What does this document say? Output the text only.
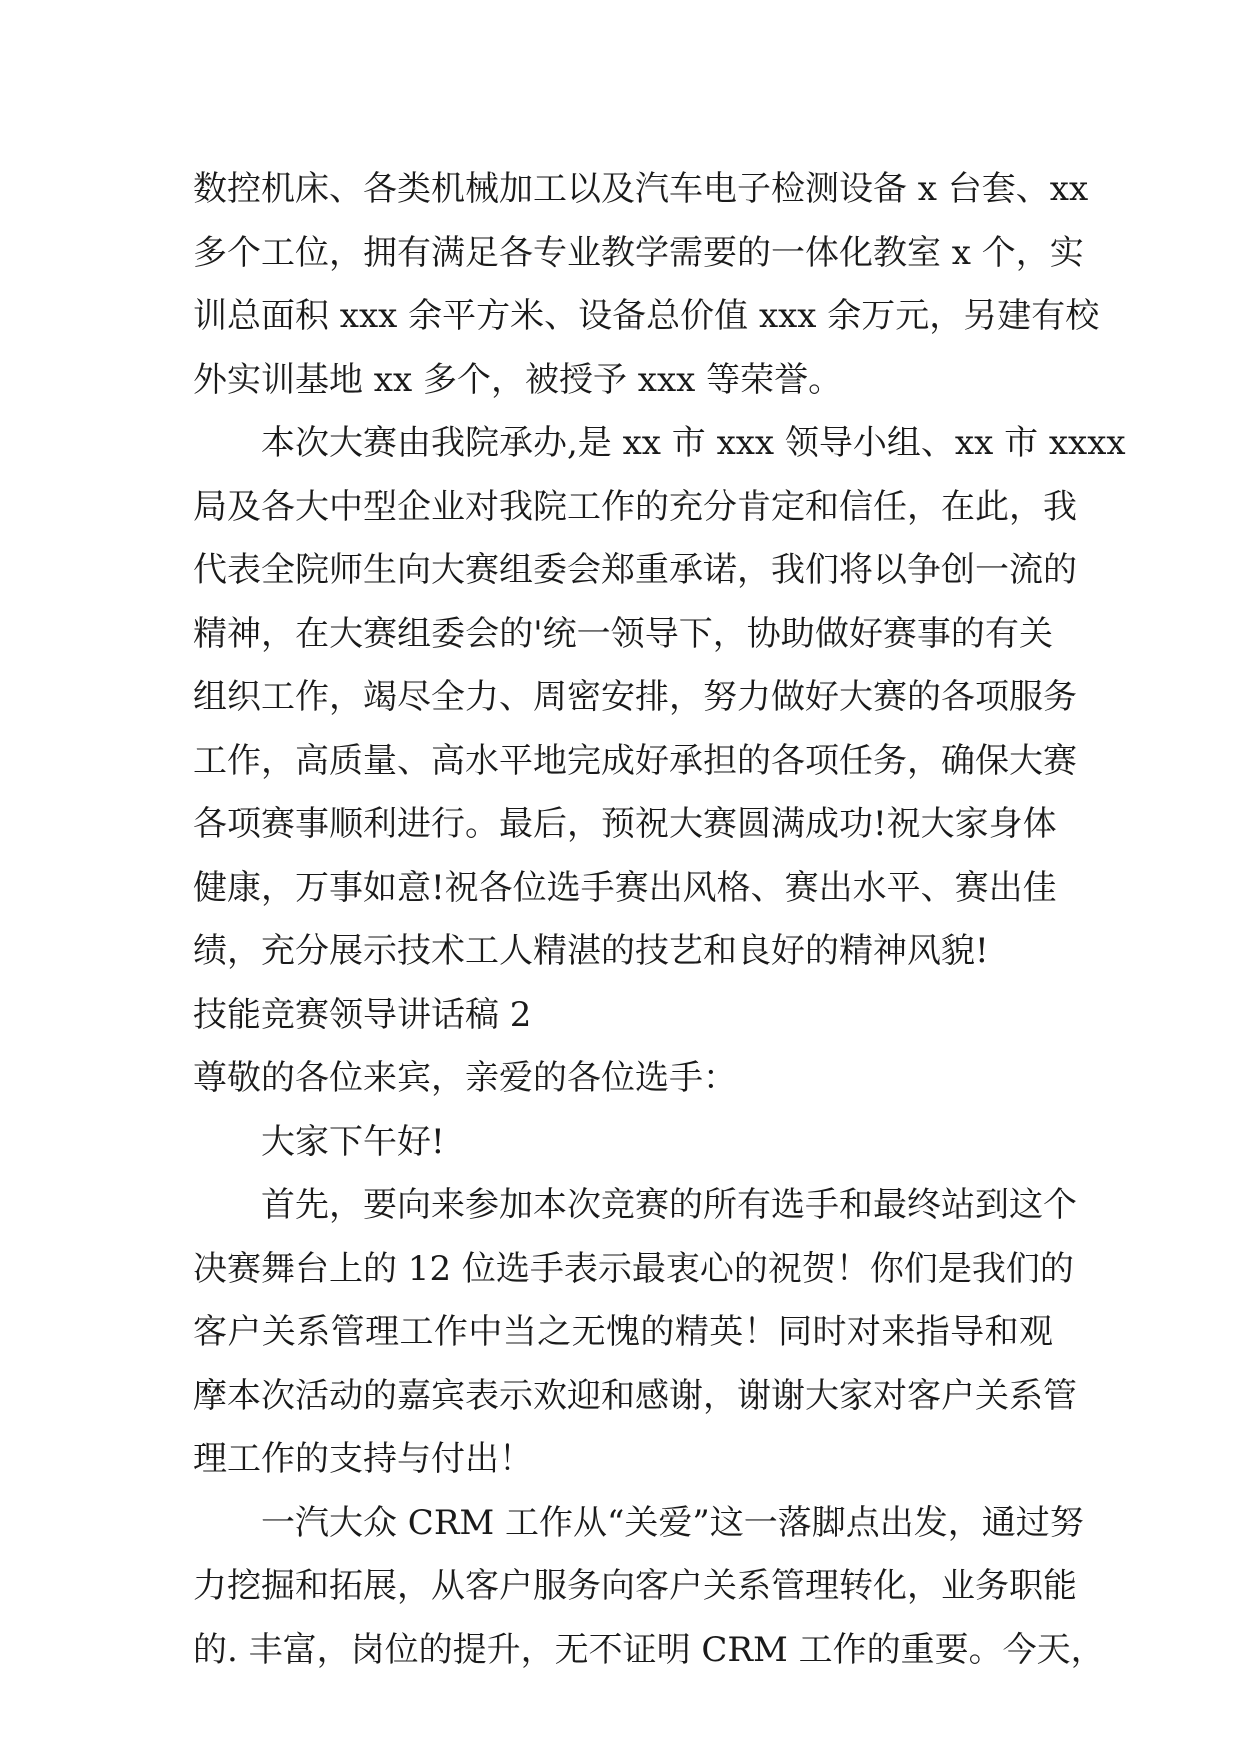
数控机床、各类机械加工以及汽车电子检测设备 x 台套、xx
多个工位，拥有满足各专业教学需要的一体化教室 x 个，实
训总面积 xxx 余平方米、设备总价值 xxx 余万元，另建有校
外实训基地 xx 多个，被授予 xxx 等荣誉。
本次大赛由我院承办,是 xx 市 xxx 领导小组、xx 市 xxxx
局及各大中型企业对我院工作的充分肯定和信任，在此，我
代表全院师生向大赛组委会郑重承诺，我们将以争创一流的
精神，在大赛组委会的'统一领导下，协助做好赛事的有关
组织工作，竭尽全力、周密安排，努力做好大赛的各项服务
工作，高质量、高水平地完成好承担的各项任务，确保大赛
各项赛事顺利进行。最后，预祝大赛圆满成功!祝大家身体
健康，万事如意!祝各位选手赛出风格、赛出水平、赛出佳
绩，充分展示技术工人精湛的技艺和良好的精神风貌!
技能竞赛领导讲话稿 2
尊敬的各位来宾，亲爱的各位选手：
大家下午好!
首先，要向来参加本次竞赛的所有选手和最终站到这个
决赛舞台上的 12 位选手表示最衷心的祝贺！你们是我们的
客户关系管理工作中当之无愧的精英！同时对来指导和观
摩本次活动的嘉宾表示欢迎和感谢，谢谢大家对客户关系管
理工作的支持与付出！
一汽大众 CRM 工作从“关爱”这一落脚点出发，通过努
力挖掘和拓展，从客户服务向客户关系管理转化，业务职能
的. 丰富，岗位的提升，无不证明 CRM 工作的重要。今天，
